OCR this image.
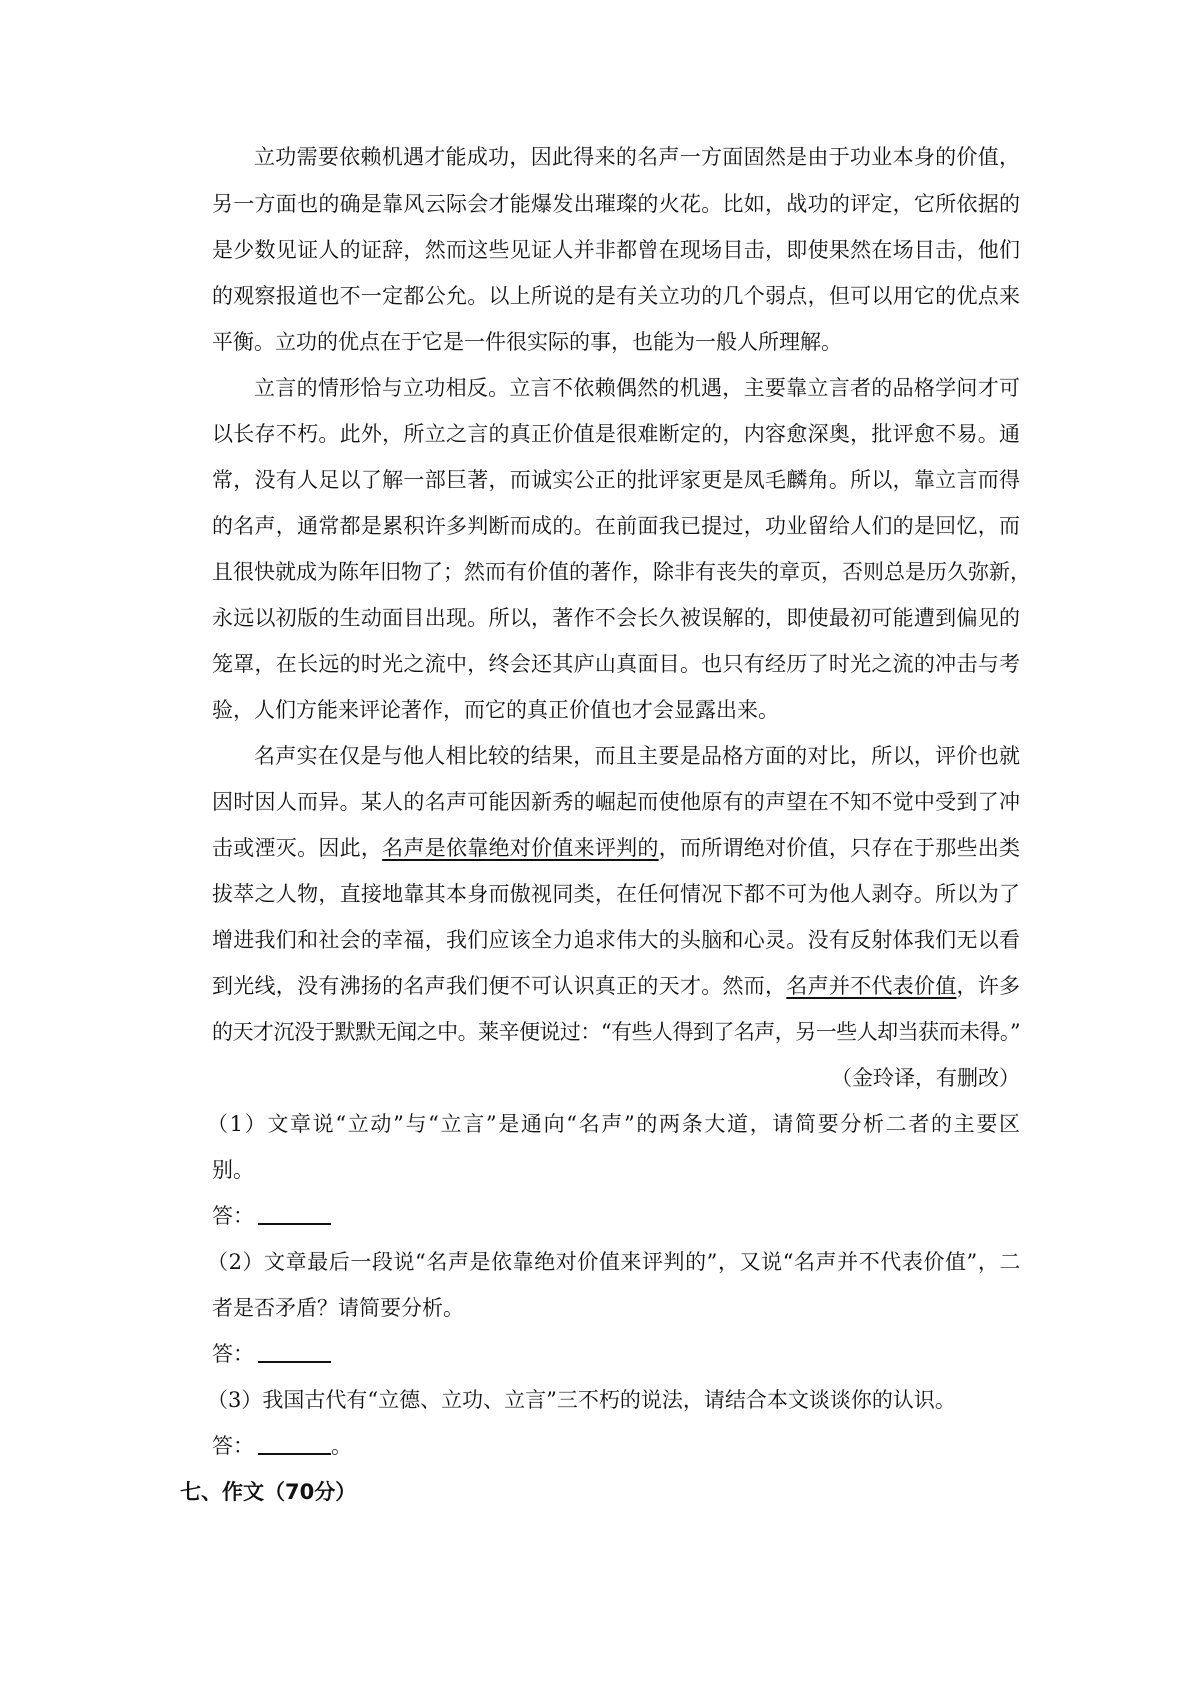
立功需要依赖机遇才能成功，因此得来的名声一方面固然是由于功业本身的价值，
另一方面也的确是靠风云际会才能爆发出璀璨的火花。比如，战功的评定，它所依据的
是少数见证人的证辞，然而这些见证人并非都曾在现场目击，即使果然在场目击，他们
的观察报道也不一定都公允。以上所说的是有关立功的几个弱点，但可以用它的优点来
平衡。立功的优点在于它是一件很实际的事，也能为一般人所理解。
立言的情形恰与立功相反。立言不依赖偶然的机遇，主要靠立言者的品格学问才可
以长存不朽。此外，所立之言的真正价值是很难断定的，内容愈深奥，批评愈不易。通
常，没有人足以了解一部巨著，而诚实公正的批评家更是凤毛麟角。所以，靠立言而得
的名声，通常都是累积许多判断而成的。在前面我已提过，功业留给人们的是回忆，而
且很快就成为陈年旧物了；然而有价值的著作，除非有丧失的章页，否则总是历久弥新，
永远以初版的生动面目出现。所以，著作不会长久被误解的，即使最初可能遭到偏见的
笼罩，在长远的时光之流中，终会还其庐山真面目。也只有经历了时光之流的冲击与考
验，人们方能来评论著作，而它的真正价值也才会显露出来。
名声实在仅是与他人相比较的结果，而且主要是品格方面的对比，所以，评价也就
因时因人而异。某人的名声可能因新秀的崛起而使他原有的声望在不知不觉中受到了冲
击或湮灭。因此，名声是依靠绝对价值来评判的，而所谓绝对价值，只存在于那些出类
拔萃之人物，直接地靠其本身而傲视同类，在任何情况下都不可为他人剥夺。所以为了
增进我们和社会的幸福，我们应该全力追求伟大的头脑和心灵。没有反射体我们无以看
到光线，没有沸扬的名声我们便不可认识真正的天才。然而，名声并不代表价值，许多
的天才沉没于默默无闻之中。莱辛便说过：“有些人得到了名声，另一些人却当获而未得。”
（金玲译，有删改）
（1）文章说“立动”与“立言”是通向“名声”的两条大道，请简要分析二者的主要区
别。
答：
（2）文章最后一段说“名声是依靠绝对价值来评判的”，又说“名声并不代表价值”，二
者是否矛盾？请简要分析。
答：
（3）我国古代有“立德、立功、立言”三不朽的说法，请结合本文谈谈你的认识。
答：	。
七、作文（70分）
